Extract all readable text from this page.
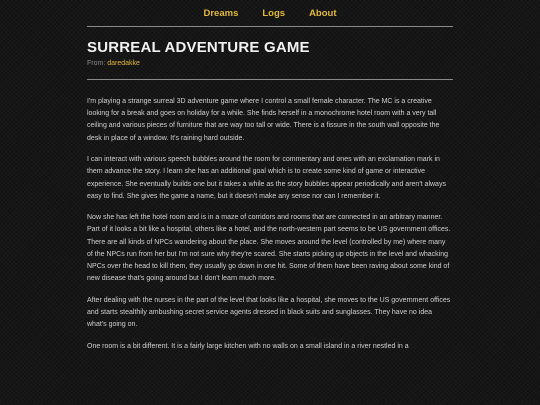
Dreams	Logs	About
SURREAL ADVENTURE GAME
From: daredakke

I'm playing a strange surreal 3D adventure game where I control a small female character. The MC is a creative looking for a break and goes on holiday for a while. She finds herself in a monochrome hotel room with a very tall ceiling and various pieces of furniture that are way too tall or wide. There is a fissure in the south wall opposite the desk in place of a window. It's raining hard outside.

I can interact with various speech bubbles around the room for commentary and ones with an exclamation mark in them advance the story. I learn she has an additional goal which is to create some kind of game or interactive experience. She eventually builds one but it takes a while as the story bubbles appear periodically and aren't always easy to find. She gives the game a name, but it doesn't make any sense nor can I remember it.

Now she has left the hotel room and is in a maze of corridors and rooms that are connected in an arbitrary manner. Part of it looks a bit like a hospital, others like a hotel, and the north-western part seems to be US government offices. There are all kinds of NPCs wandering about the place. She moves around the level (controlled by me) where many of the NPCs run from her but I'm not sure why they're scared. She starts picking up objects in the level and whacking NPCs over the head to kill them, they usually go down in one hit. Some of them have been raving about some kind of new disease that's going around but I don't learn much more.

After dealing with the nurses in the part of the level that looks like a hospital, she moves to the US government offices and starts stealthily ambushing secret service agents dressed in black suits and sunglasses. They have no idea what's going on.

One room is a bit different. It is a fairly large kitchen with no walls on a small island in a river nestled in a
